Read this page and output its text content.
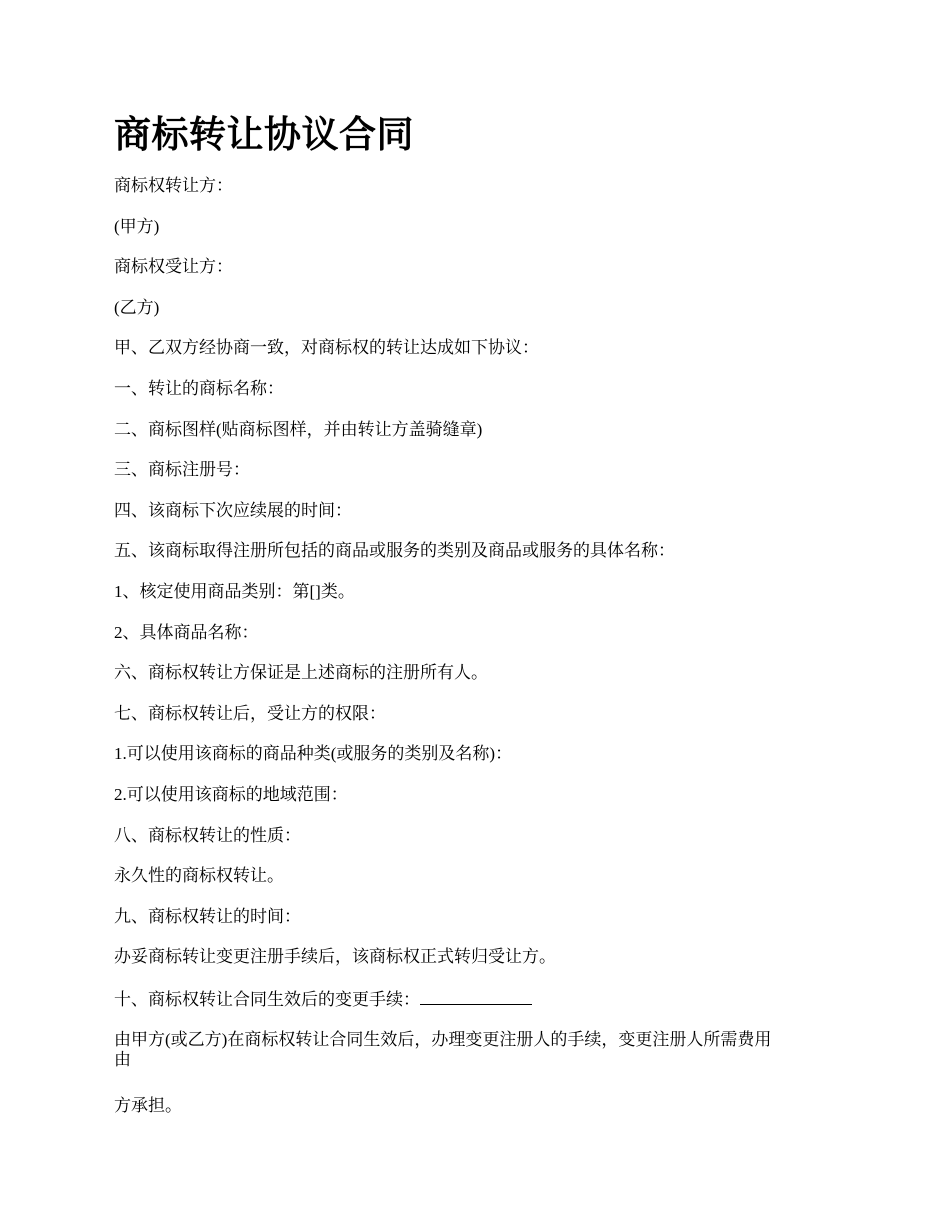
商标转让协议合同

商标权转让方：

(甲方)

商标权受让方：

(乙方)

甲、乙双方经协商一致，对商标权的转让达成如下协议：

一、转让的商标名称：

二、商标图样(贴商标图样，并由转让方盖骑缝章)

三、商标注册号：

四、该商标下次应续展的时间：

五、该商标取得注册所包括的商品或服务的类别及商品或服务的具体名称：

1、核定使用商品类别：第[]类。

2、具体商品名称：

六、商标权转让方保证是上述商标的注册所有人。

七、商标权转让后，受让方的权限：

1.可以使用该商标的商品种类(或服务的类别及名称)：

2.可以使用该商标的地域范围：

八、商标权转让的性质：

永久性的商标权转让。

九、商标权转让的时间：

办妥商标转让变更注册手续后，该商标权正式转归受让方。

十、商标权转让合同生效后的变更手续：

由甲方(或乙方)在商标权转让合同生效后，办理变更注册人的手续，变更注册人所需费用
由

方承担。
